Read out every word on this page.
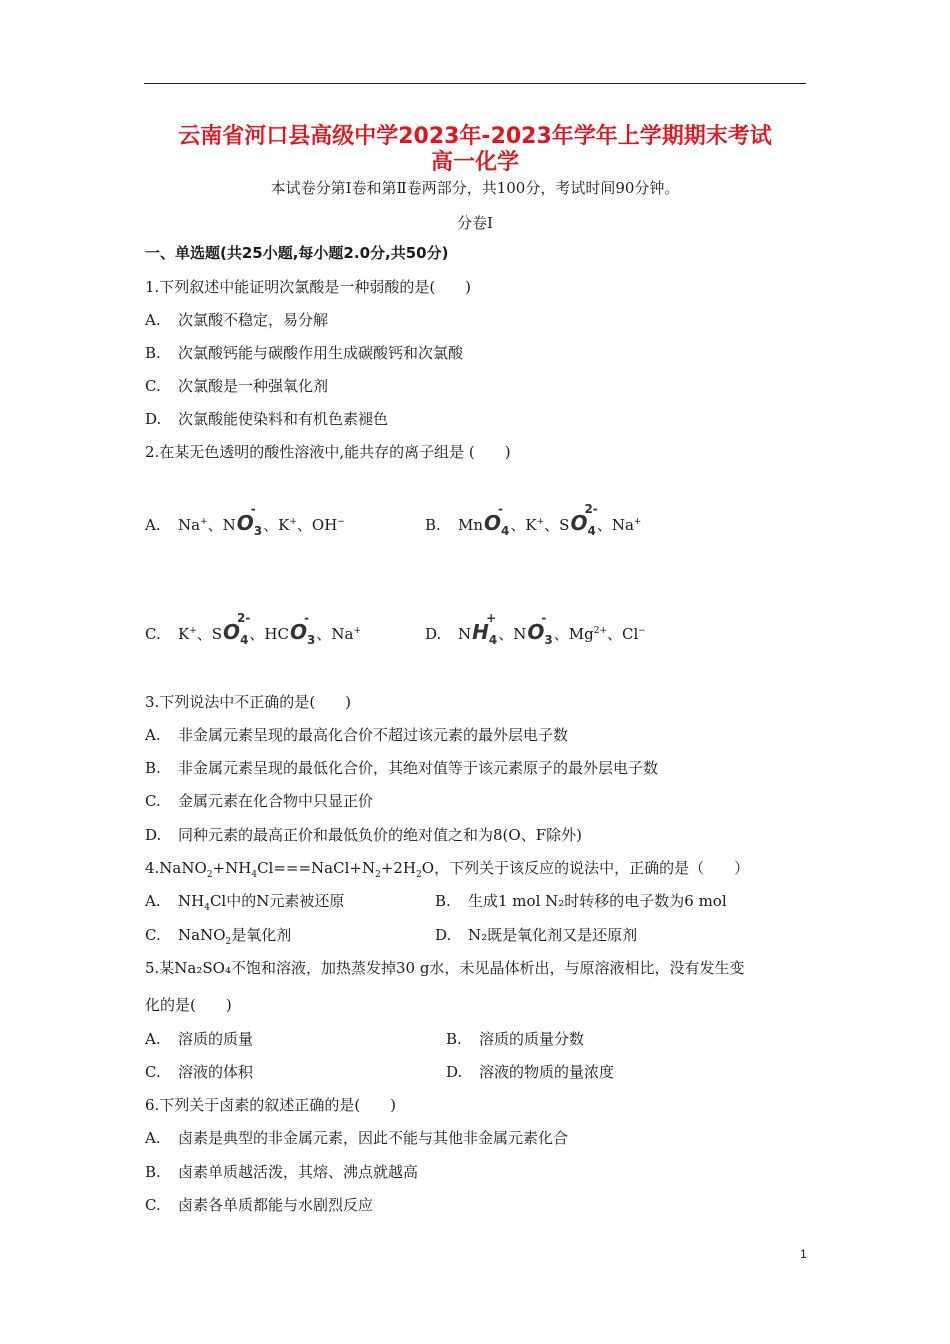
云南省河口县高级中学2023年-2023年学年上学期期末考试
高一化学
本试卷分第Ⅰ卷和第Ⅱ卷两部分，共100分，考试时间90分钟。
分卷I
一、单选题(共25小题,每小题2.0分,共50分)
1.下列叙述中能证明次氯酸是一种弱酸的是(　　)
A. 次氯酸不稳定，易分解
B. 次氯酸钙能与碳酸作用生成碳酸钙和次氯酸
C. 次氯酸是一种强氧化剂
D. 次氯酸能使染料和有机色素褪色
2.在某无色透明的酸性溶液中,能共存的离子组是 (　　)
A. Na+、$NO_3$
-
、K+、OH−	B. MnO$_4$
-
、K+、$SO_4$
2-
、Na+
C. K+、$SO_4$
2-
、$HCO_3$
-
、Na+	D. $NH_4$
+
、$NO_3$
-
、$Mg^{2+}$、Cl−
3.下列说法中不正确的是(　　)
A. 非金属元素呈现的最高化合价不超过该元素的最外层电子数
B. 非金属元素呈现的最低化合价，其绝对值等于该元素原子的最外层电子数
C. 金属元素在化合物中只显正价
D. 同种元素的最高正价和最低负价的绝对值之和为8(O、F除外)
$4.NaNO_2+NH_4Cl===NaCl+N_2+2H_2O$，下列关于该反应的说法中，正确的是（　　）
A. $NH_4Cl$中的N元素被还原	B. 生成1 mol N₂时转移的电子数为6 mol
C. NaNO$_2$是氧化剂	D. N₂既是氧化剂又是还原剂
5.某Na₂SO₄不饱和溶液，加热蒸发掉30 g水，未见晶体析出，与原溶液相比，没有发生变
化的是(　　)
A. 溶质的质量	B. 溶质的质量分数
C. 溶液的体积	D. 溶液的物质的量浓度
6.下列关于卤素的叙述正确的是(　　)
A. 卤素是典型的非金属元素，因此不能与其他非金属元素化合
B. 卤素单质越活泼，其熔、沸点就越高
C. 卤素各单质都能与水剧烈反应
1
